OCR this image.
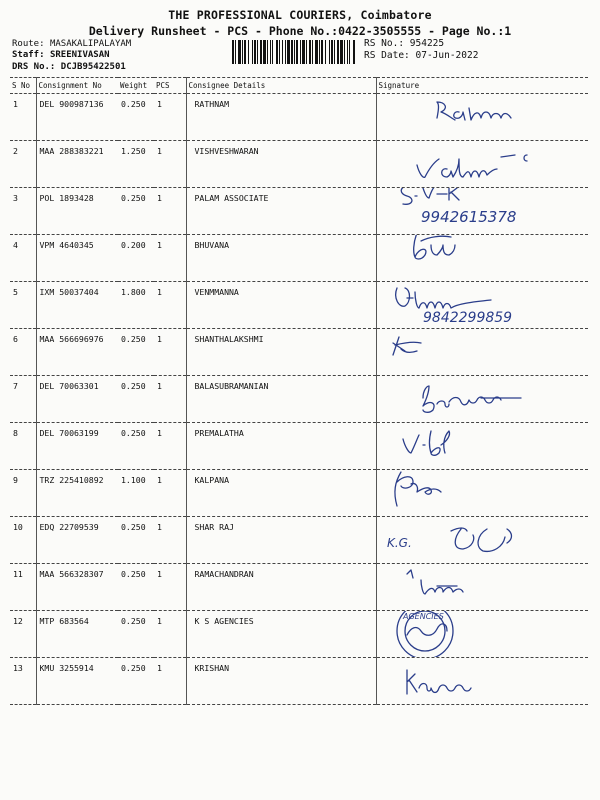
THE PROFESSIONAL COURIERS, Coimbatore
Delivery Runsheet - PCS - Phone No.:0422-3505555 - Page No.:1
Route: MASAKALIPALAYAM
Staff: SREENIVASAN
DRS No.: DCJB95422501
RS No.: 954225
RS Date: 07-Jun-2022
S No	Consignment No	Weight	PCS	Consignee Details	Signature
1	DEL 900987136	0.250	1	RATHNAM	

2	MAA 288383221	1.250	1	VISHVESHWARAN	

3	POL 1893428	0.250	1	PALAM ASSOCIATE	9942615378

4	VPM 4640345	0.200	1	BHUVANA	

5	IXM 50037404	1.800	1	VENMMANNA	9842299859

6	MAA 566696976	0.250	1	SHANTHALAKSHMI	

7	DEL 70063301	0.250	1	BALASUBRAMANIAN	

8	DEL 70063199	0.250	1	PREMALATHA	

9	TRZ 225410892	1.100	1	KALPANA	

10	EDQ 22709539	0.250	1	SHAR RAJ	K.G.

11	MAA 566328307	0.250	1	RAMACHANDRAN	

12	MTP 683564	0.250	1	K S AGENCIES	AGENCIES

13	KMU 3255914	0.250	1	KRISHAN	
